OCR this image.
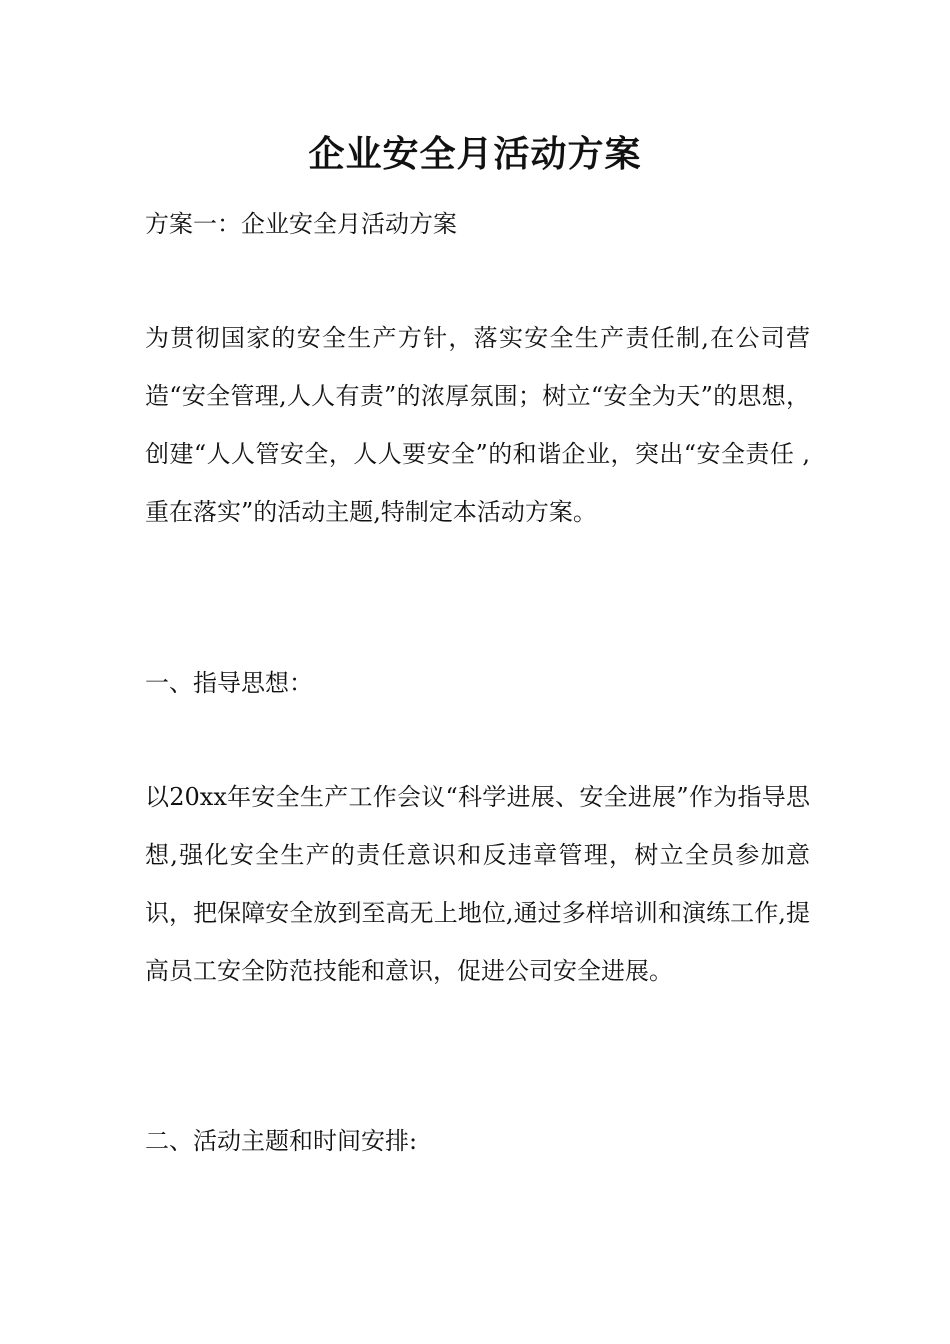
企业安全月活动方案

方案一：企业安全月活动方案

为贯彻国家的安全生产方针，落实安全生产责任制,在公司营造“安全管理,人人有责”的浓厚氛围；树立“安全为天”的思想，创建“人人管安全，人人要安全”的和谐企业，突出“安全责任 ,重在落实”的活动主题,特制定本活动方案。

一、指导思想：

以20xx年安全生产工作会议“科学进展、安全进展”作为指导思想,强化安全生产的责任意识和反违章管理，树立全员参加意识，把保障安全放到至高无上地位,通过多样培训和演练工作,提高员工安全防范技能和意识，促进公司安全进展。

二、活动主题和时间安排:
